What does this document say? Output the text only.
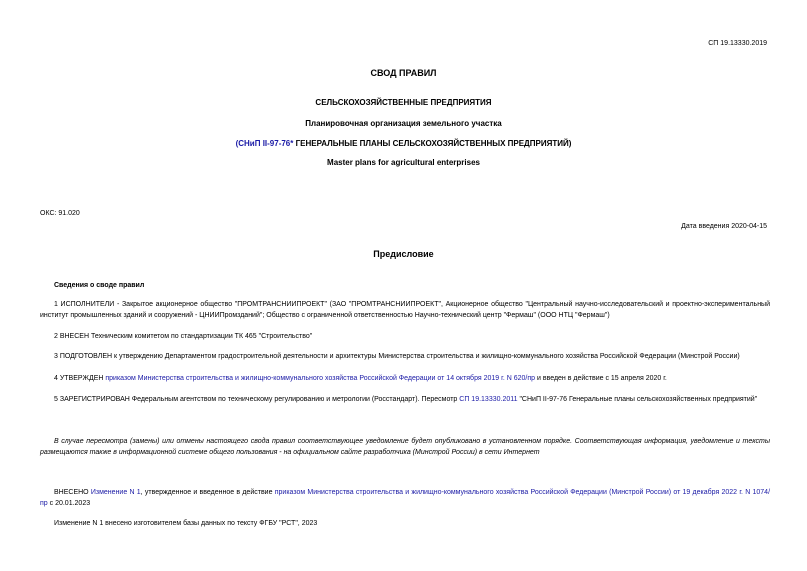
СП 19.13330.2019
СВОД ПРАВИЛ
СЕЛЬСКОХОЗЯЙСТВЕННЫЕ ПРЕДПРИЯТИЯ
Планировочная организация земельного участка
(СНиП II-97-76* ГЕНЕРАЛЬНЫЕ ПЛАНЫ СЕЛЬСКОХОЗЯЙСТВЕННЫХ ПРЕДПРИЯТИЙ)
Master plans for agricultural enterprises
ОКС: 91.020
Дата введения 2020-04-15
Предисловие
Сведения о своде правил
1 ИСПОЛНИТЕЛИ - Закрытое акционерное общество "ПРОМТРАНСНИИПРОЕКТ" (ЗАО "ПРОМТРАНСНИИПРОЕКТ", Акционерное общество "Центральный научно-исследовательский и проектно-экспериментальный институт промышленных зданий и сооружений - ЦНИИПромзданий"; Общество с ограниченной ответственностью Научно-технический центр "Фермаш" (ООО НТЦ "Фермаш")
2 ВНЕСЕН Техническим комитетом по стандартизации ТК 465 "Строительство"
3 ПОДГОТОВЛЕН к утверждению Департаментом градостроительной деятельности и архитектуры Министерства строительства и жилищно-коммунального хозяйства Российской Федерации (Минстрой России)
4 УТВЕРЖДЕН приказом Министерства строительства и жилищно-коммунального хозяйства Российской Федерации от 14 октября 2019 г. N 620/пр и введен в действие с 15 апреля 2020 г.
5 ЗАРЕГИСТРИРОВАН Федеральным агентством по техническому регулированию и метрологии (Росстандарт). Пересмотр СП 19.13330.2011 "СНиП II-97-76 Генеральные планы сельскохозяйственных предприятий"
В случае пересмотра (замены) или отмены настоящего свода правил соответствующее уведомление будет опубликовано в установленном порядке. Соответствующая информация, уведомление и тексты размещаются также в информационной системе общего пользования - на официальном сайте разработчика (Минстрой России) в сети Интернет
ВНЕСЕНО Изменение N 1, утвержденное и введенное в действие приказом Министерства строительства и жилищно-коммунального хозяйства Российской Федерации (Минстрой России) от 19 декабря 2022 г. N 1074/пр с 20.01.2023
Изменение N 1 внесено изготовителем базы данных по тексту ФГБУ "РСТ", 2023
